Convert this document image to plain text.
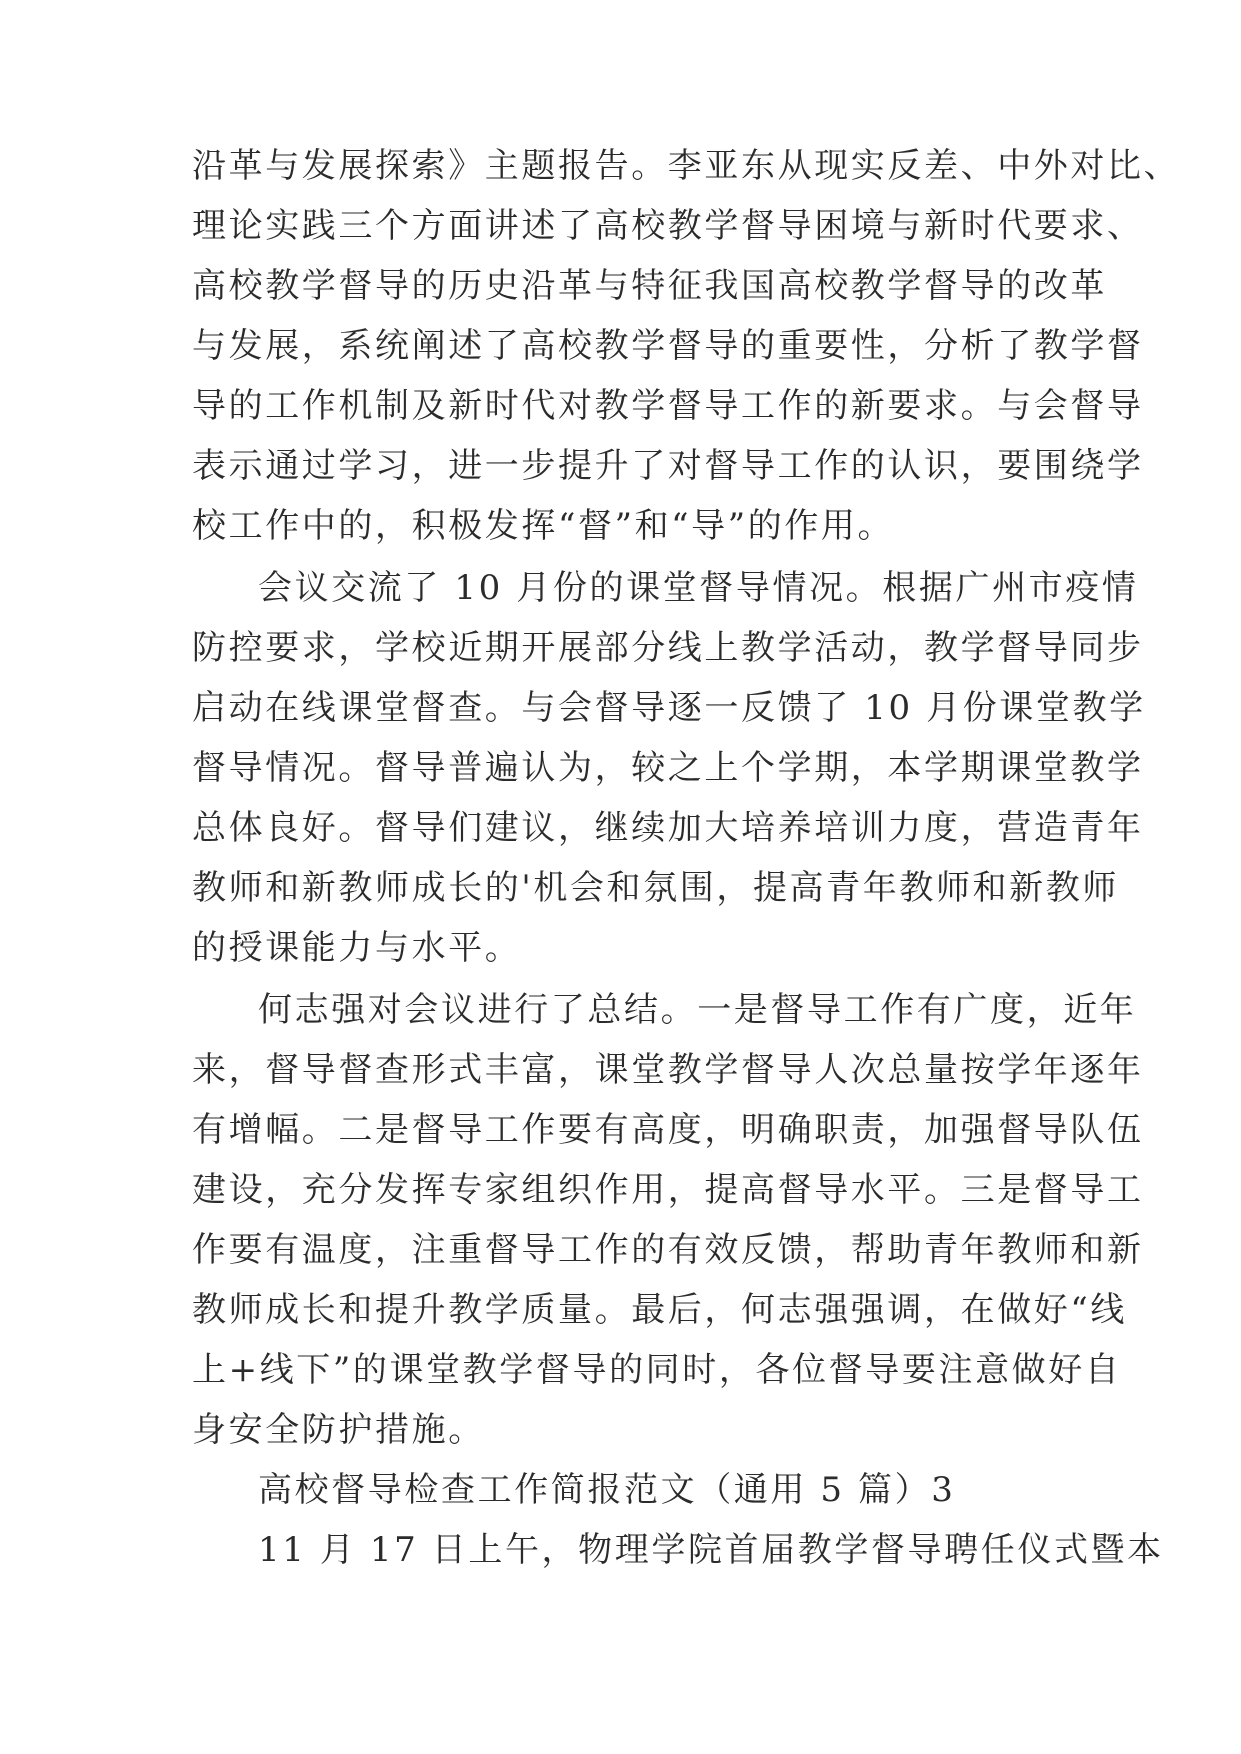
沿革与发展探索》主题报告。李亚东从现实反差、中外对比、
理论实践三个方面讲述了高校教学督导困境与新时代要求、
高校教学督导的历史沿革与特征我国高校教学督导的改革
与发展，系统阐述了高校教学督导的重要性，分析了教学督
导的工作机制及新时代对教学督导工作的新要求。与会督导
表示通过学习，进一步提升了对督导工作的认识，要围绕学
校工作中的，积极发挥“督”和“导”的作用。
会议交流了 10 月份的课堂督导情况。根据广州市疫情
防控要求，学校近期开展部分线上教学活动，教学督导同步
启动在线课堂督查。与会督导逐一反馈了 10 月份课堂教学
督导情况。督导普遍认为，较之上个学期，本学期课堂教学
总体良好。督导们建议，继续加大培养培训力度，营造青年
教师和新教师成长的'机会和氛围，提高青年教师和新教师
的授课能力与水平。
何志强对会议进行了总结。一是督导工作有广度，近年
来，督导督查形式丰富，课堂教学督导人次总量按学年逐年
有增幅。二是督导工作要有高度，明确职责，加强督导队伍
建设，充分发挥专家组织作用，提高督导水平。三是督导工
作要有温度，注重督导工作的有效反馈，帮助青年教师和新
教师成长和提升教学质量。最后，何志强强调，在做好“线
上+线下”的课堂教学督导的同时，各位督导要注意做好自
身安全防护措施。
高校督导检查工作简报范文（通用 5 篇）3
11 月 17 日上午，物理学院首届教学督导聘任仪式暨本
